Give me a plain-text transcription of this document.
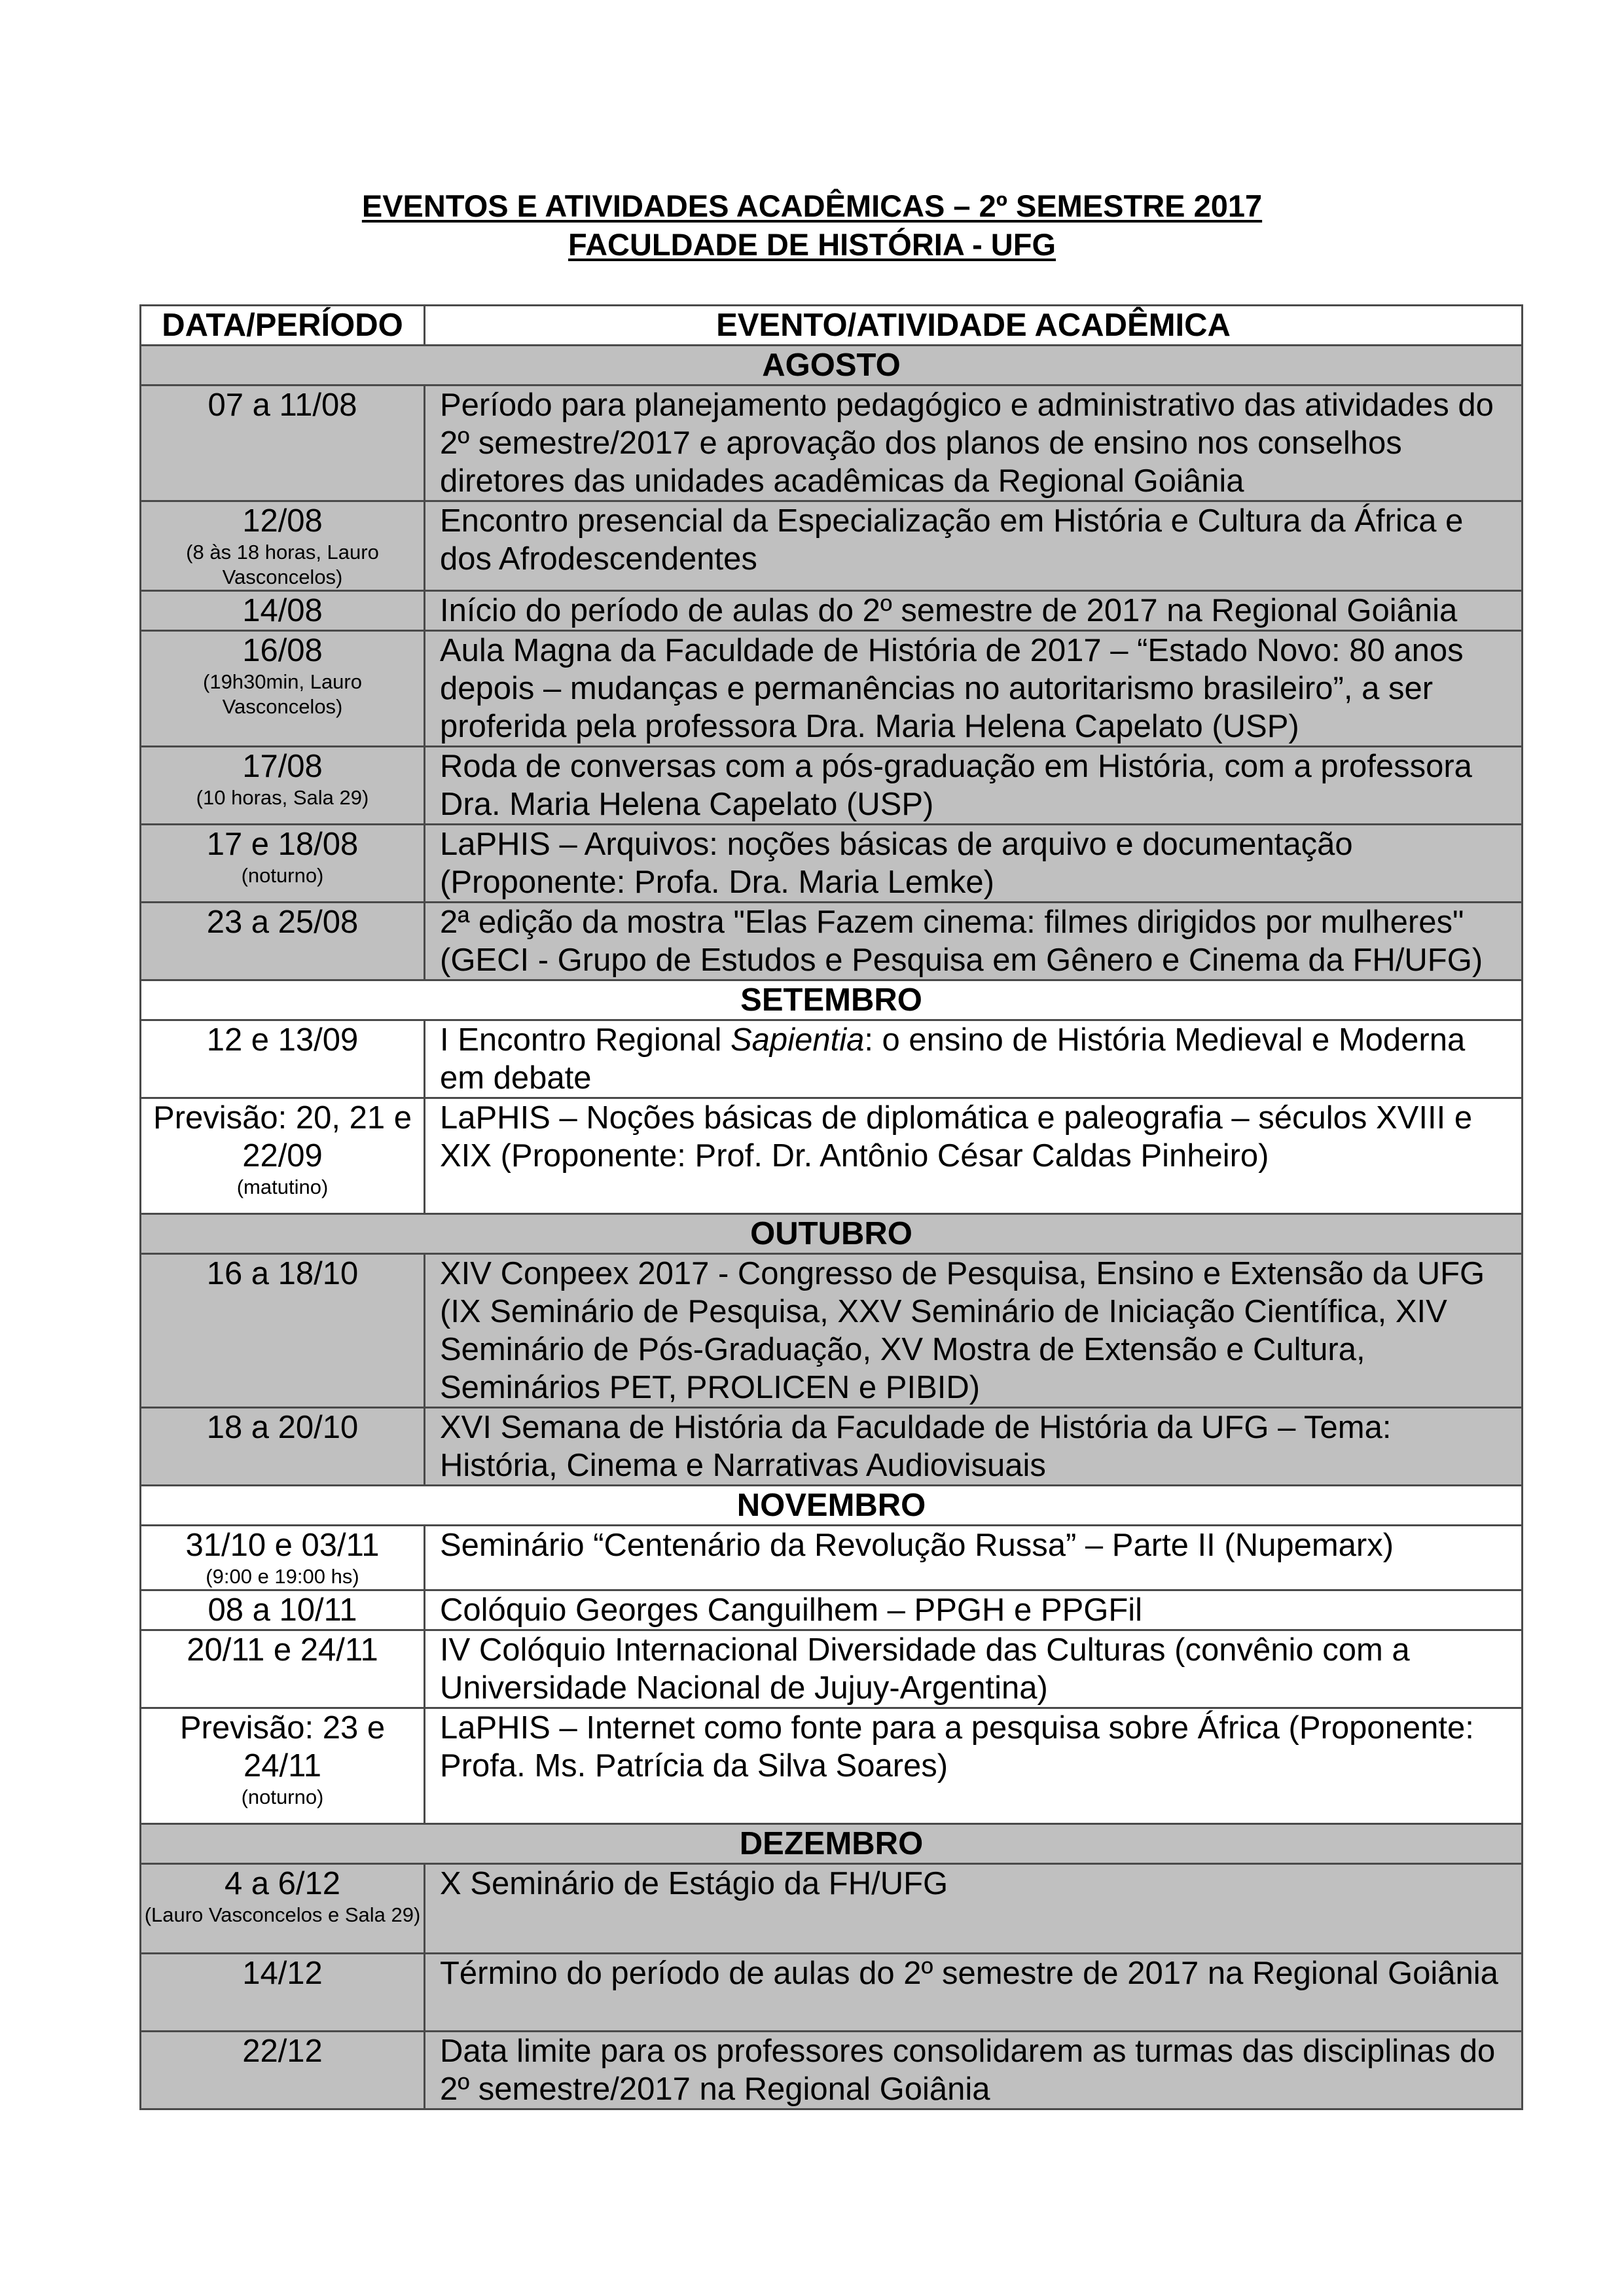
EVENTOS E ATIVIDADES ACADÊMICAS – 2º SEMESTRE 2017
FACULDADE DE HISTÓRIA - UFG
DATA/PERÍODO	EVENTO/ATIVIDADE ACADÊMICA
AGOSTO	
07 a 11/08	Período para planejamento pedagógico e administrativo das atividades do 2º semestre/2017 e aprovação dos planos de ensino nos conselhos diretores das unidades acadêmicas da Regional Goiânia
12/08
(8 às 18 horas, Lauro Vasconcelos)	Encontro presencial da Especialização em História e Cultura da África e dos Afrodescendentes
14/08	Início do período de aulas do 2º semestre de 2017 na Regional Goiânia
16/08
(19h30min, Lauro Vasconcelos)	Aula Magna da Faculdade de História de 2017 – “Estado Novo: 80 anos depois – mudanças e permanências no autoritarismo brasileiro”, a ser proferida pela professora Dra. Maria Helena Capelato (USP)
17/08
(10 horas, Sala 29)	Roda de conversas com a pós-graduação em História, com a professora Dra. Maria Helena Capelato (USP)
17 e 18/08
(noturno)	LaPHIS – Arquivos: noções básicas de arquivo e documentação (Proponente: Profa. Dra. Maria Lemke)
23 a 25/08	2ª edição da mostra "Elas Fazem cinema: filmes dirigidos por mulheres" (GECI - Grupo de Estudos e Pesquisa em Gênero e Cinema da FH/UFG)
SETEMBRO	
12 e 13/09	I Encontro Regional Sapientia: o ensino de História Medieval e Moderna em debate
Previsão: 20, 21 e 22/09
(matutino)	LaPHIS – Noções básicas de diplomática e paleografia – séculos XVIII e XIX (Proponente: Prof. Dr. Antônio César Caldas Pinheiro)
OUTUBRO	
16 a 18/10	XIV Conpeex 2017 - Congresso de Pesquisa, Ensino e Extensão da UFG (IX Seminário de Pesquisa, XXV Seminário de Iniciação Científica, XIV Seminário de Pós-Graduação, XV Mostra de Extensão e Cultura, Seminários PET, PROLICEN e PIBID)
18 a 20/10	XVI Semana de História da Faculdade de História da UFG – Tema: História, Cinema e Narrativas Audiovisuais
NOVEMBRO	
31/10 e 03/11
(9:00 e 19:00 hs)	Seminário “Centenário da Revolução Russa” – Parte II (Nupemarx)
08 a 10/11	Colóquio Georges Canguilhem – PPGH e PPGFil
20/11 e 24/11	IV Colóquio Internacional Diversidade das Culturas (convênio com a Universidade Nacional de Jujuy-Argentina)
Previsão: 23 e 24/11
(noturno)	LaPHIS – Internet como fonte para a pesquisa sobre África (Proponente: Profa. Ms. Patrícia da Silva Soares)
DEZEMBRO	
4 a 6/12
(Lauro Vasconcelos e Sala 29)	X Seminário de Estágio da FH/UFG
14/12	Término do período de aulas do 2º semestre de 2017 na Regional Goiânia
22/12	Data limite para os professores consolidarem as turmas das disciplinas do 2º semestre/2017 na Regional Goiânia
